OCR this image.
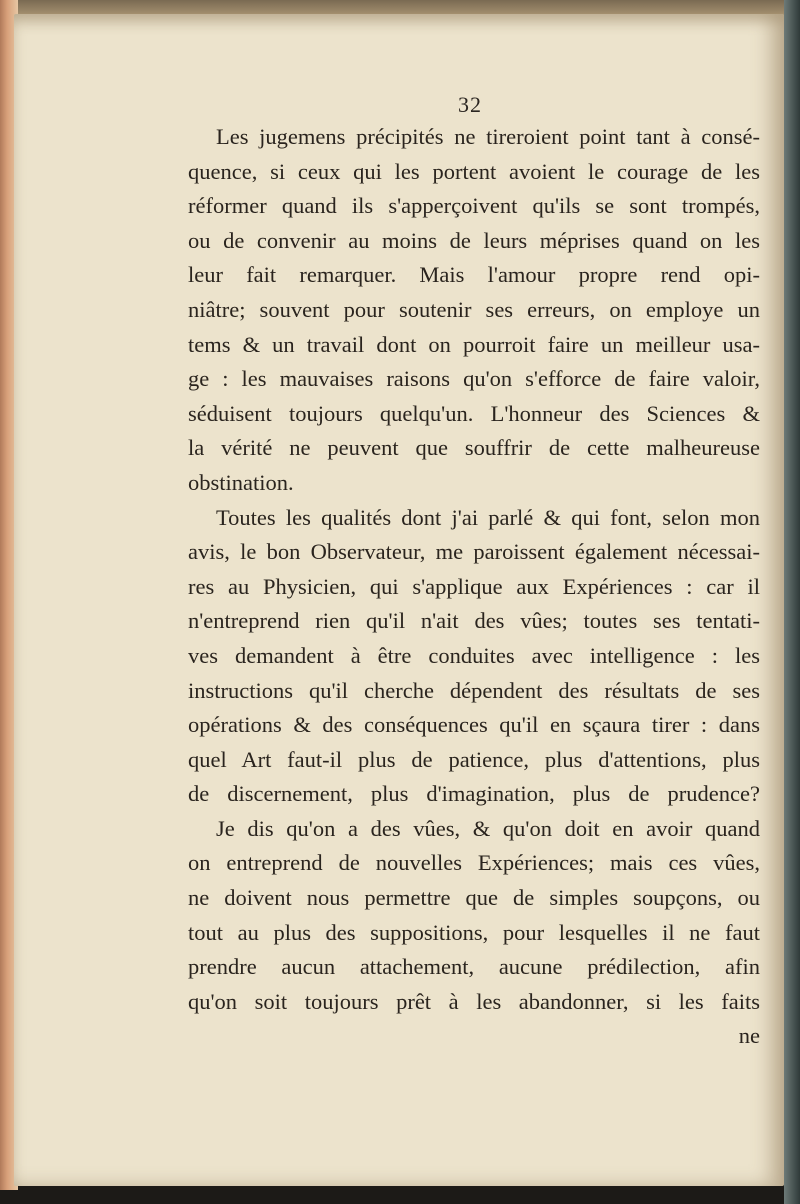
32
Les jugemens précipités ne tireroient point tant à consé-
quence, si ceux qui les portent avoient le courage de les
réformer quand ils s'apperçoivent qu'ils se sont trompés,
ou de convenir au moins de leurs méprises quand on les
leur fait remarquer. Mais l'amour propre rend opi-
niâtre; souvent pour soutenir ses erreurs, on employe un
tems & un travail dont on pourroit faire un meilleur usa-
ge : les mauvaises raisons qu'on s'efforce de faire valoir,
séduisent toujours quelqu'un. L'honneur des Sciences &
la vérité ne peuvent que souffrir de cette malheureuse
obstination.
Toutes les qualités dont j'ai parlé & qui font, selon mon
avis, le bon Observateur, me paroissent également nécessai-
res au Physicien, qui s'applique aux Expériences : car il
n'entreprend rien qu'il n'ait des vûes; toutes ses tentati-
ves demandent à être conduites avec intelligence : les
instructions qu'il cherche dépendent des résultats de ses
opérations & des conséquences qu'il en sçaura tirer : dans
quel Art faut-il plus de patience, plus d'attentions, plus
de discernement, plus d'imagination, plus de prudence?
Je dis qu'on a des vûes, & qu'on doit en avoir quand
on entreprend de nouvelles Expériences; mais ces vûes,
ne doivent nous permettre que de simples soupçons, ou
tout au plus des suppositions, pour lesquelles il ne faut
prendre aucun attachement, aucune prédilection, afin
qu'on soit toujours prêt à les abandonner, si les faits
ne
